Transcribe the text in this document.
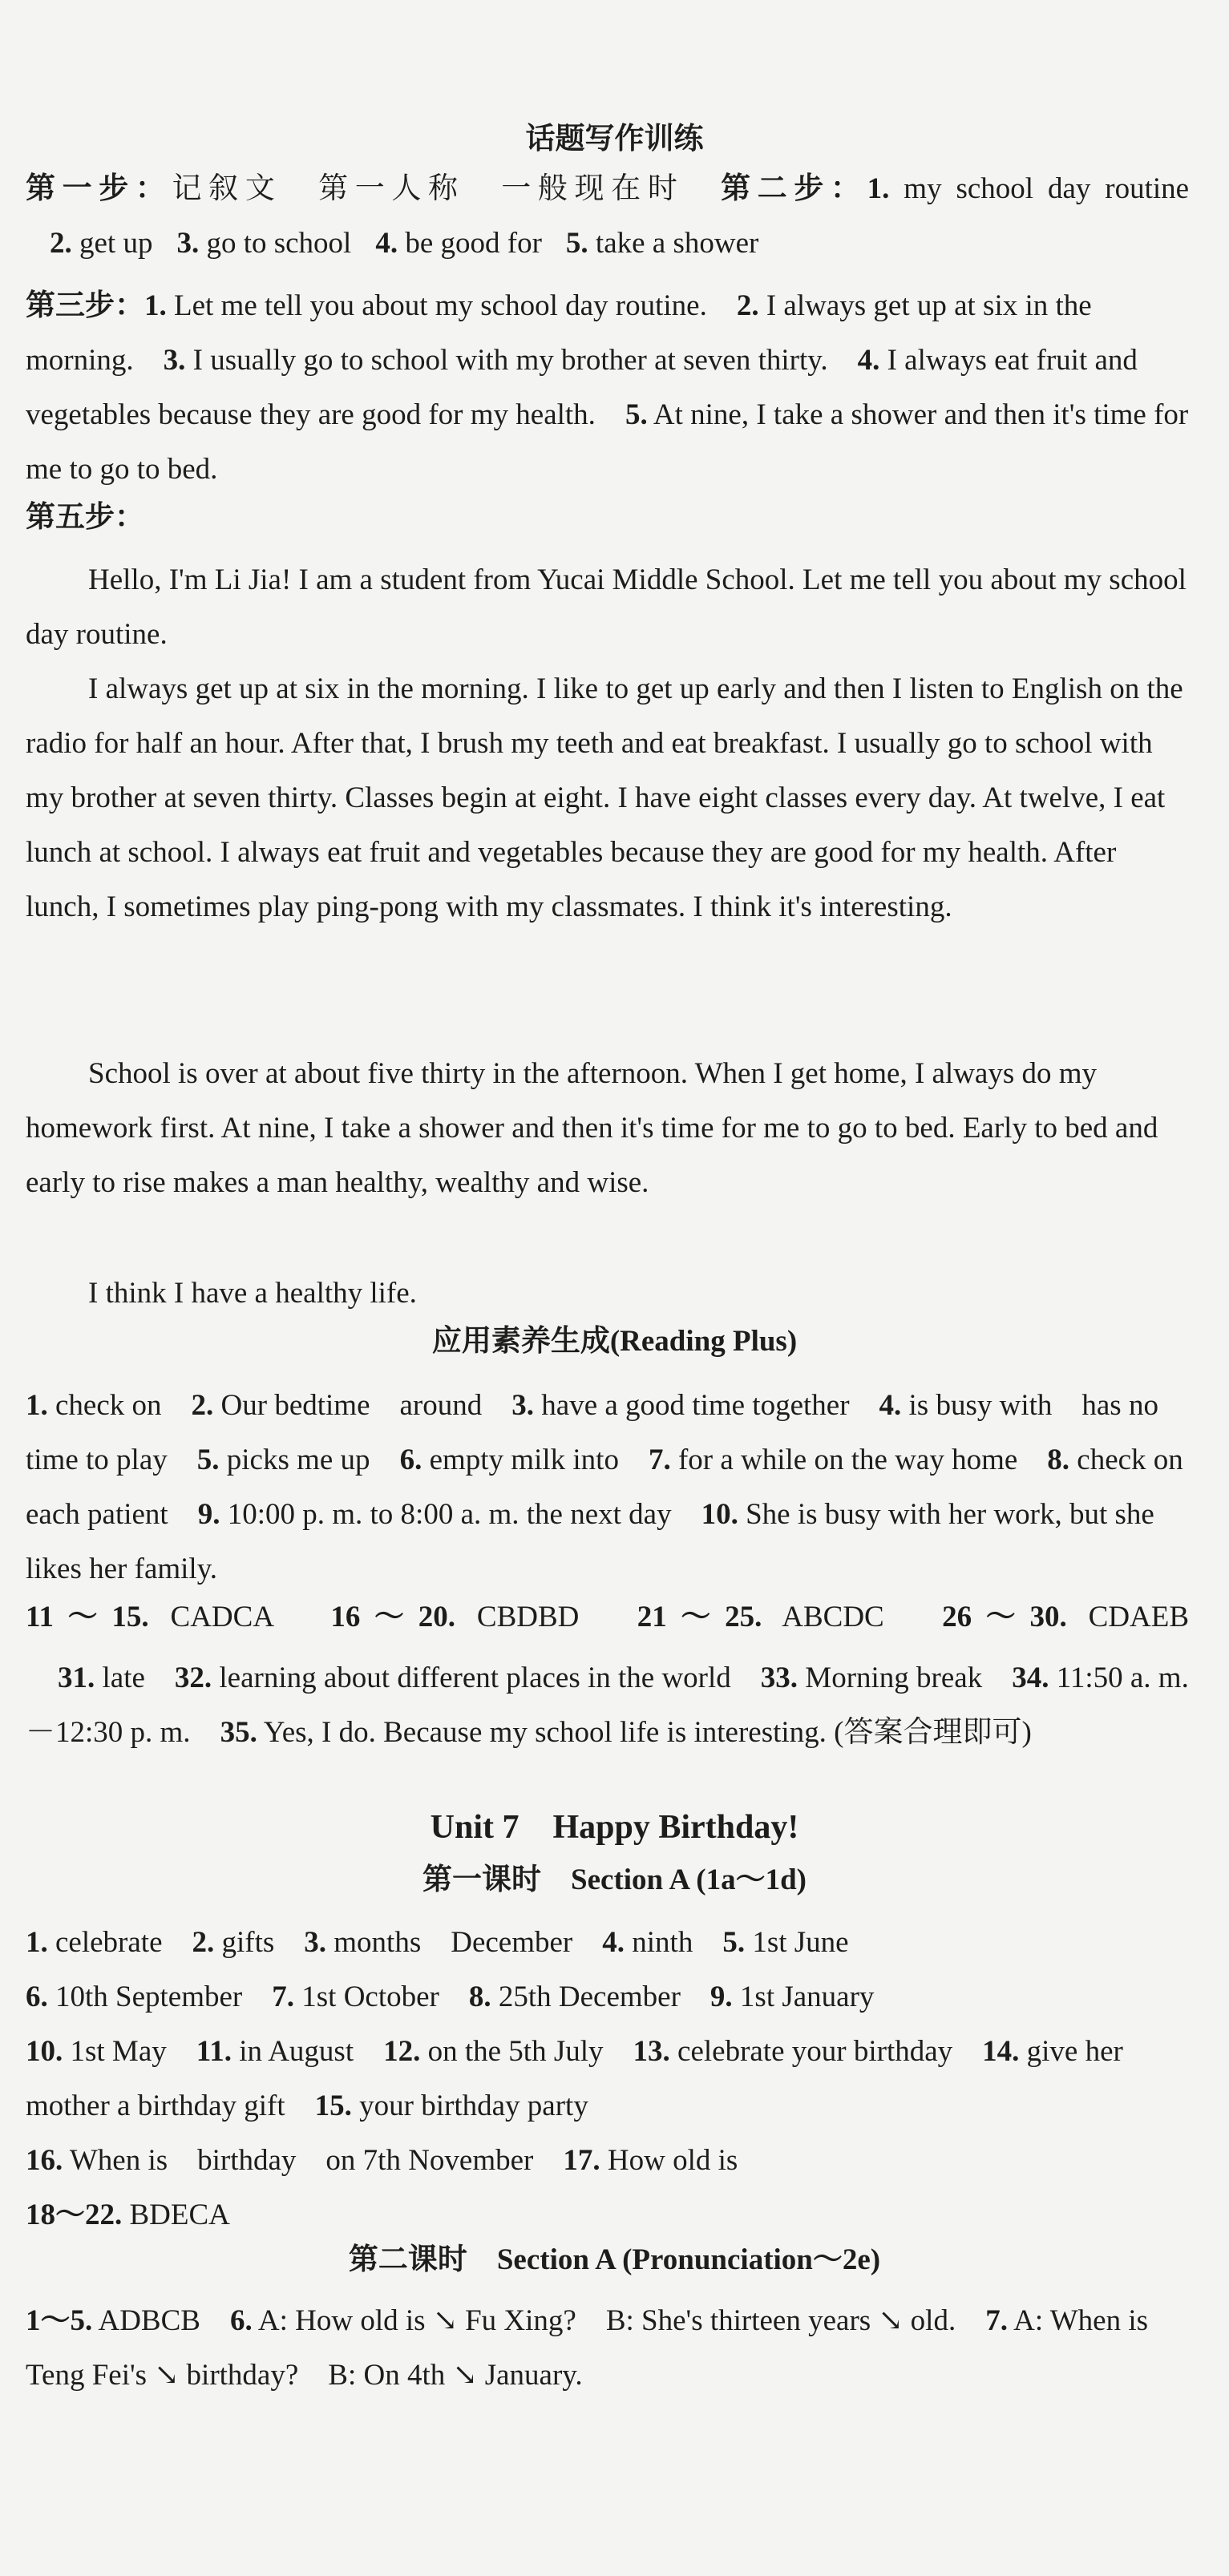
话题写作训练
第一步：记叙文　 第一人称　 一般现在时　 第二步：1. my school day routine
2. get up 3. go to school 4. be good for 5. take a shower
第三步：1. Let me tell you about my school day routine.　 2. I always get up at six in the morning.　 3. I usually go to school with my brother at seven thirty.　 4. I always eat fruit and vegetables because they are good for my health.　 5. At nine, I take a shower and then it's time for me to go to bed.
第五步：
Hello, I'm Li Jia! I am a student from Yucai Middle School. Let me tell you about my school day routine.
I always get up at six in the morning. I like to get up early and then I listen to English on the radio for half an hour. After that, I brush my teeth and eat breakfast. I usually go to school with my brother at seven thirty. Classes begin at eight. I have eight classes every day. At twelve, I eat lunch at school. I always eat fruit and vegetables because they are good for my health. After lunch, I sometimes play ping-pong with my classmates. I think it's interesting.
School is over at about five thirty in the afternoon. When I get home, I always do my homework first. At nine, I take a shower and then it's time for me to go to bed. Early to bed and early to rise makes a man healthy, wealthy and wise.
I think I have a healthy life.
应用素养生成(Reading Plus)
1. check on　 2. Our bedtime　around　 3. have a good time together　 4. is busy with　has no time to play　 5. picks me up　 6. empty milk into　 7. for a while on the way home　 8. check on each patient　 9. 10:00 p. m. to 8:00 a. m. the next day　 10. She is busy with her work, but she likes her family.
11～15. CADCA　 16～20. CBDBD　 21～25. ABCDC　 26～30. CDAEB
31. late　 32. learning about different places in the world　 33. Morning break　 34. 11:50 a. m. －12:30 p. m.　 35. Yes, I do. Because my school life is interesting. (答案合理即可)
Unit 7　Happy Birthday!
第一课时　Section A (1a～1d)
1. celebrate　 2. gifts　 3. months　December　 4. ninth　 5. 1st June
6. 10th September　 7. 1st October　 8. 25th December　 9. 1st January
10. 1st May　 11. in August　 12. on the 5th July　 13. celebrate your birthday　 14. give her mother a birthday gift　 15. your birthday party
16. When is　birthday　on 7th November　 17. How old is
18～22. BDECA
第二课时　Section A (Pronunciation～2e)
1～5. ADBCB　 6. A: How old is ↘ Fu Xing?　B: She's thirteen years ↘ old.　 7. A: When is Teng Fei's ↘ birthday?　B: On 4th ↘ January.
